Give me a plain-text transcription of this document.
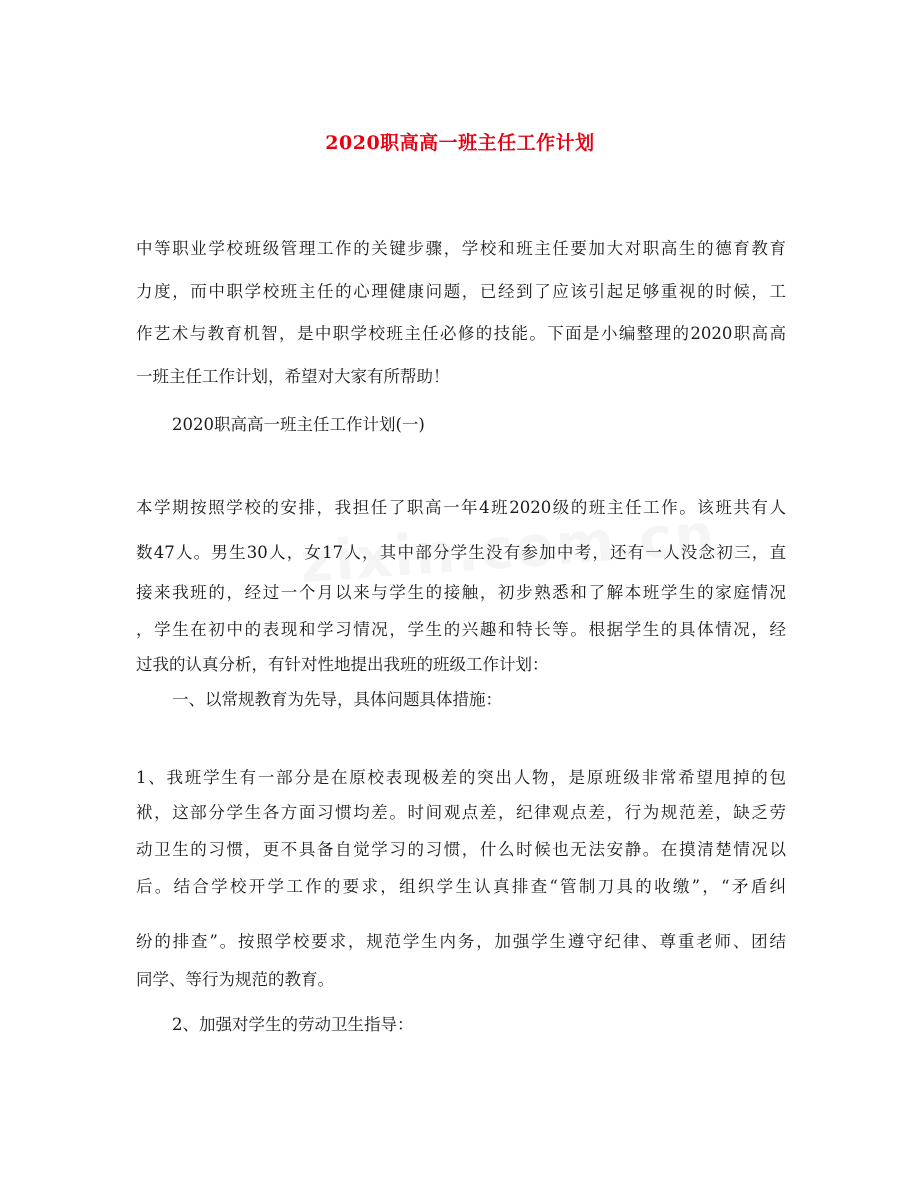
2020职高高一班主任工作计划
中等职业学校班级管理工作的关键步骤，学校和班主任要加大对职高生的德育教育
力度，而中职学校班主任的心理健康问题，已经到了应该引起足够重视的时候，工
作艺术与教育机智，是中职学校班主任必修的技能。下面是小编整理的2020职高高
一班主任工作计划，希望对大家有所帮助！
2020职高高一班主任工作计划(一)
本学期按照学校的安排，我担任了职高一年4班2020级的班主任工作。该班共有人
数47人。男生30人，女17人，其中部分学生没有参加中考，还有一人没念初三，直
接来我班的，经过一个月以来与学生的接触，初步熟悉和了解本班学生的家庭情况
，学生在初中的表现和学习情况，学生的兴趣和特长等。根据学生的具体情况，经
过我的认真分析，有针对性地提出我班的班级工作计划：
一、以常规教育为先导，具体问题具体措施：
1、我班学生有一部分是在原校表现极差的突出人物，是原班级非常希望甩掉的包
袱，这部分学生各方面习惯均差。时间观点差，纪律观点差，行为规范差，缺乏劳
动卫生的习惯，更不具备自觉学习的习惯，什么时候也无法安静。在摸清楚情况以
后。结合学校开学工作的要求，组织学生认真排查“管制刀具的收缴”，“矛盾纠
纷的排查”。按照学校要求，规范学生内务，加强学生遵守纪律、尊重老师、团结
同学、等行为规范的教育。
2、加强对学生的劳动卫生指导：
